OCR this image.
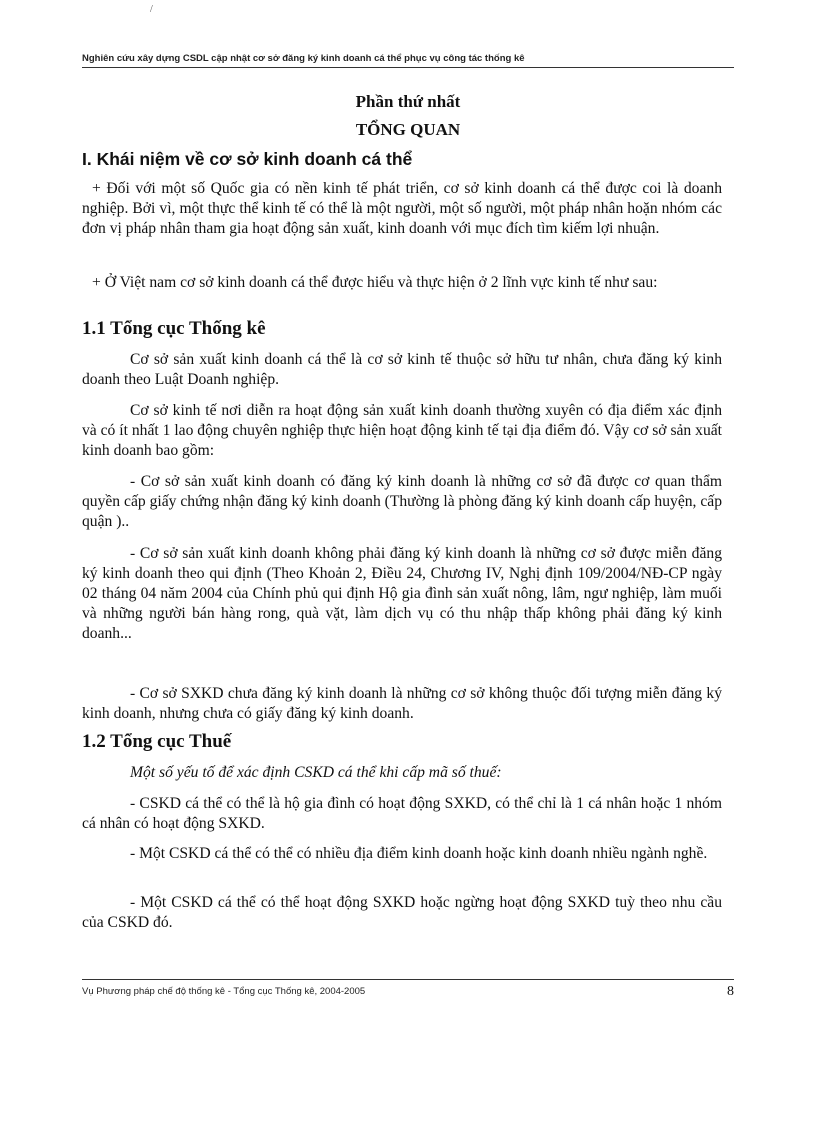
/
Nghiên cứu xây dựng CSDL cập nhật cơ sở đăng ký kinh doanh cá thể phục vụ công tác thống kê
Phần thứ nhất
TỔNG QUAN
I. Khái niệm về cơ sở kinh doanh cá thể

+ Đối với một số Quốc gia có nền kinh tế phát triển, cơ sở kinh doanh cá thể được coi là doanh nghiệp. Bởi vì, một thực thể kinh tế có thể là một người, một số người, một pháp nhân hoặn nhóm các đơn vị pháp nhân tham gia hoạt động sản xuất, kinh doanh với mục đích tìm kiếm lợi nhuận.

+ Ở Việt nam cơ sở kinh doanh cá thể được hiểu và thực hiện ở 2 lĩnh vực kinh tế như sau:

1.1 Tổng cục Thống kê

Cơ sở sản xuất kinh doanh cá thể là cơ sở kinh tế thuộc sở hữu tư nhân, chưa đăng ký kinh doanh theo Luật Doanh nghiệp.

Cơ sở kinh tế nơi diễn ra hoạt động sản xuất kinh doanh thường xuyên có địa điểm xác định và có ít nhất 1 lao động chuyên nghiệp thực hiện hoạt động kinh tế tại địa điểm đó. Vậy cơ sở sản xuất kinh doanh bao gồm:

- Cơ sở sản xuất kinh doanh có đăng ký kinh doanh là những cơ sở đã được cơ quan thẩm quyền cấp giấy chứng nhận đăng ký kinh doanh (Thường là phòng đăng ký kinh doanh cấp huyện, cấp quận )..

- Cơ sở sản xuất kinh doanh không phải đăng ký kinh doanh là những cơ sở được miễn đăng ký kinh doanh theo qui định (Theo Khoản 2, Điều 24, Chương IV, Nghị định 109/2004/NĐ-CP ngày 02 tháng 04 năm 2004 của Chính phủ qui định Hộ gia đình sản xuất nông, lâm, ngư nghiệp, làm muối và những người bán hàng rong, quà vặt, làm dịch vụ có thu nhập thấp không phải đăng ký kinh doanh...

- Cơ sở SXKD chưa đăng ký kinh doanh là những cơ sở không thuộc đối tượng miễn đăng ký kinh doanh, nhưng chưa có giấy đăng ký kinh doanh.

1.2 Tổng cục Thuế

Một số yếu tố để xác định CSKD cá thể khi cấp mã số thuế:

- CSKD cá thể có thể là hộ gia đình có hoạt động SXKD, có thể chỉ là 1 cá nhân hoặc 1 nhóm cá nhân có hoạt động SXKD.

- Một CSKD cá thể có thể có nhiều địa điểm kinh doanh hoặc kinh doanh nhiều ngành nghề.

- Một CSKD cá thể có thể hoạt động SXKD hoặc ngừng hoạt động SXKD tuỳ theo nhu cầu của CSKD đó.

Vụ Phương pháp chế độ thống kê - Tổng cục Thống kê, 2004-2005	8
